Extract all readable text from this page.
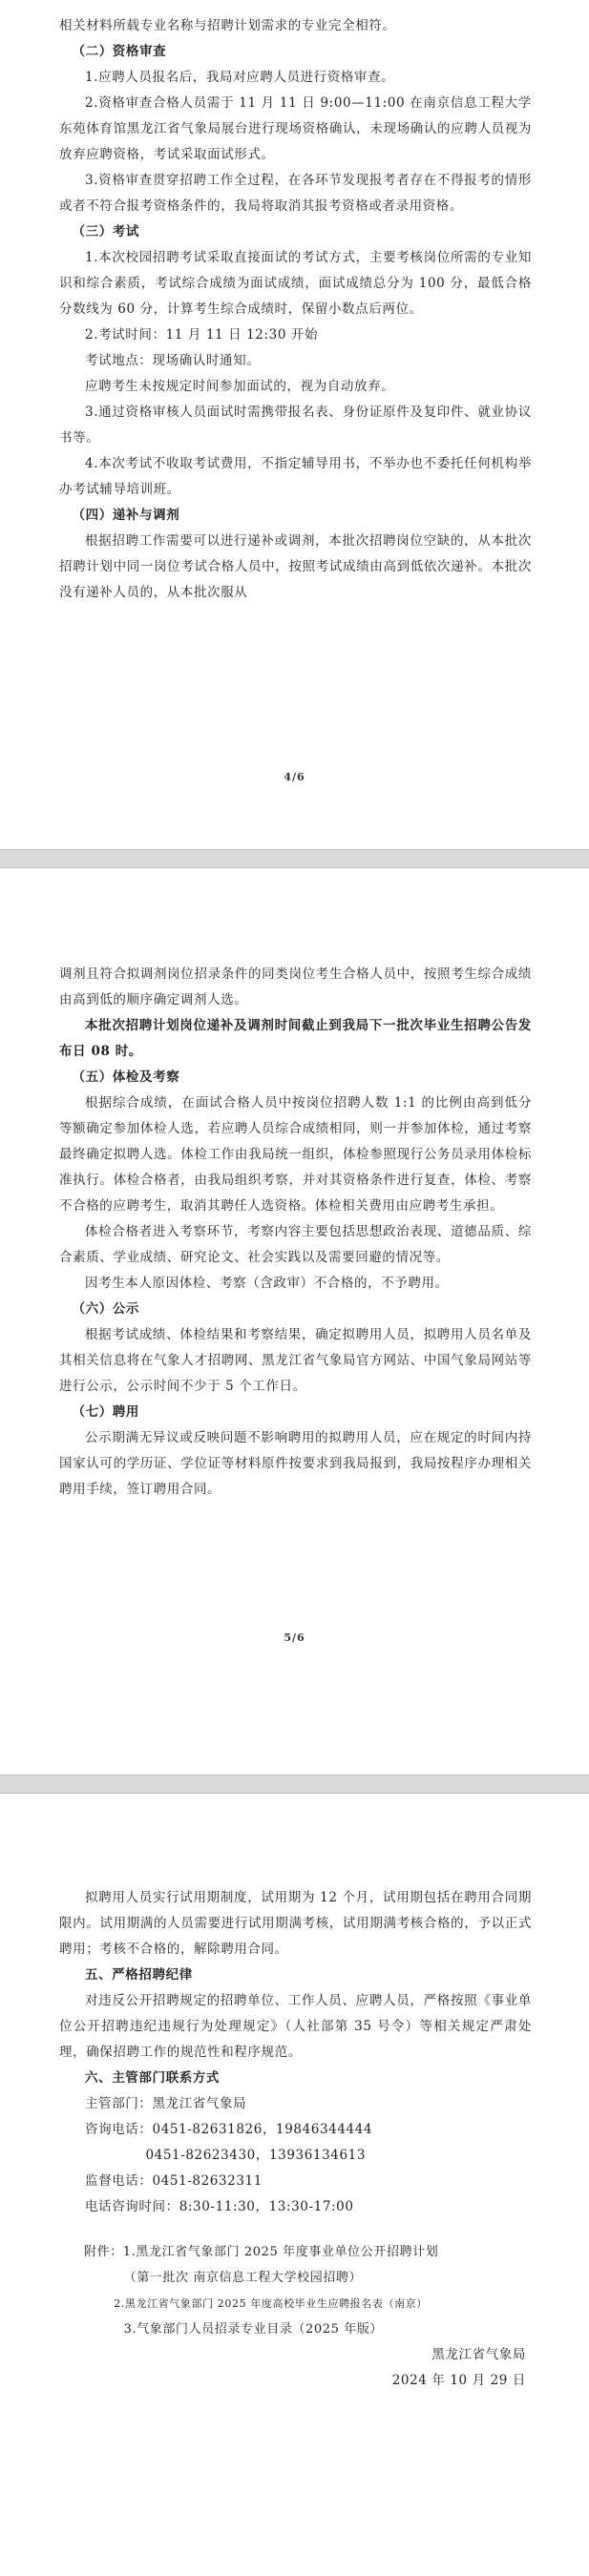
相关材料所载专业名称与招聘计划需求的专业完全相符。

（二）资格审查

1.应聘人员报名后，我局对应聘人员进行资格审查。

2.资格审查合格人员需于 11 月 11 日 9:00—11:00 在南京信息工程大学东苑体育馆黑龙江省气象局展台进行现场资格确认，未现场确认的应聘人员视为放弃应聘资格，考试采取面试形式。

3.资格审查贯穿招聘工作全过程，在各环节发现报考者存在不得报考的情形或者不符合报考资格条件的，我局将取消其报考资格或者录用资格。

（三）考试

1.本次校园招聘考试采取直接面试的考试方式，主要考核岗位所需的专业知识和综合素质，考试综合成绩为面试成绩，面试成绩总分为 100 分，最低合格分数线为 60 分，计算考生综合成绩时，保留小数点后两位。

2.考试时间：11 月 11 日 12:30 开始

考试地点：现场确认时通知。

应聘考生未按规定时间参加面试的，视为自动放弃。

3.通过资格审核人员面试时需携带报名表、身份证原件及复印件、就业协议书等。

4.本次考试不收取考试费用，不指定辅导用书，不举办也不委托任何机构举办考试辅导培训班。

（四）递补与调剂

根据招聘工作需要可以进行递补或调剂，本批次招聘岗位空缺的，从本批次招聘计划中同一岗位考试合格人员中，按照考试成绩由高到低依次递补。本批次没有递补人员的，从本批次服从

4/6

调剂且符合拟调剂岗位招录条件的同类岗位考生合格人员中，按照考生综合成绩由高到低的顺序确定调剂人选。

本批次招聘计划岗位递补及调剂时间截止到我局下一批次毕业生招聘公告发布日 08 时。

（五）体检及考察

根据综合成绩，在面试合格人员中按岗位招聘人数 1:1 的比例由高到低分等额确定参加体检人选，若应聘人员综合成绩相同，则一并参加体检，通过考察最终确定拟聘人选。体检工作由我局统一组织，体检参照现行公务员录用体检标准执行。体检合格者，由我局组织考察，并对其资格条件进行复查，体检、考察不合格的应聘考生，取消其聘任人选资格。体检相关费用由应聘考生承担。

体检合格者进入考察环节，考察内容主要包括思想政治表现、道德品质、综合素质、学业成绩、研究论文、社会实践以及需要回避的情况等。

因考生本人原因体检、考察（含政审）不合格的，不予聘用。

（六）公示

根据考试成绩、体检结果和考察结果，确定拟聘用人员，拟聘用人员名单及其相关信息将在气象人才招聘网、黑龙江省气象局官方网站、中国气象局网站等进行公示，公示时间不少于 5 个工作日。

（七）聘用

公示期满无异议或反映问题不影响聘用的拟聘用人员，应在规定的时间内持国家认可的学历证、学位证等材料原件按要求到我局报到，我局按程序办理相关聘用手续，签订聘用合同。

5/6

拟聘用人员实行试用期制度，试用期为 12 个月，试用期包括在聘用合同期限内。试用期满的人员需要进行试用期满考核，试用期满考核合格的，予以正式聘用；考核不合格的，解除聘用合同。

五、严格招聘纪律

对违反公开招聘规定的招聘单位、工作人员、应聘人员，严格按照《事业单位公开招聘违纪违规行为处理规定》（人社部第 35 号令）等相关规定严肃处理，确保招聘工作的规范性和程序规范。

六、主管部门联系方式

主管部门：黑龙江省气象局

咨询电话：0451-82631826，19846344444

0451-82623430，13936134613

监督电话：0451-82632311

电话咨询时间：8:30-11:30，13:30-17:00

附件：1.黑龙江省气象部门 2025 年度事业单位公开招聘计划

（第一批次 南京信息工程大学校园招聘）

2.黑龙江省气象部门 2025 年度高校毕业生应聘报名表（南京）

3.气象部门人员招录专业目录（2025 年版）

黑龙江省气象局

2024 年 10 月 29 日
